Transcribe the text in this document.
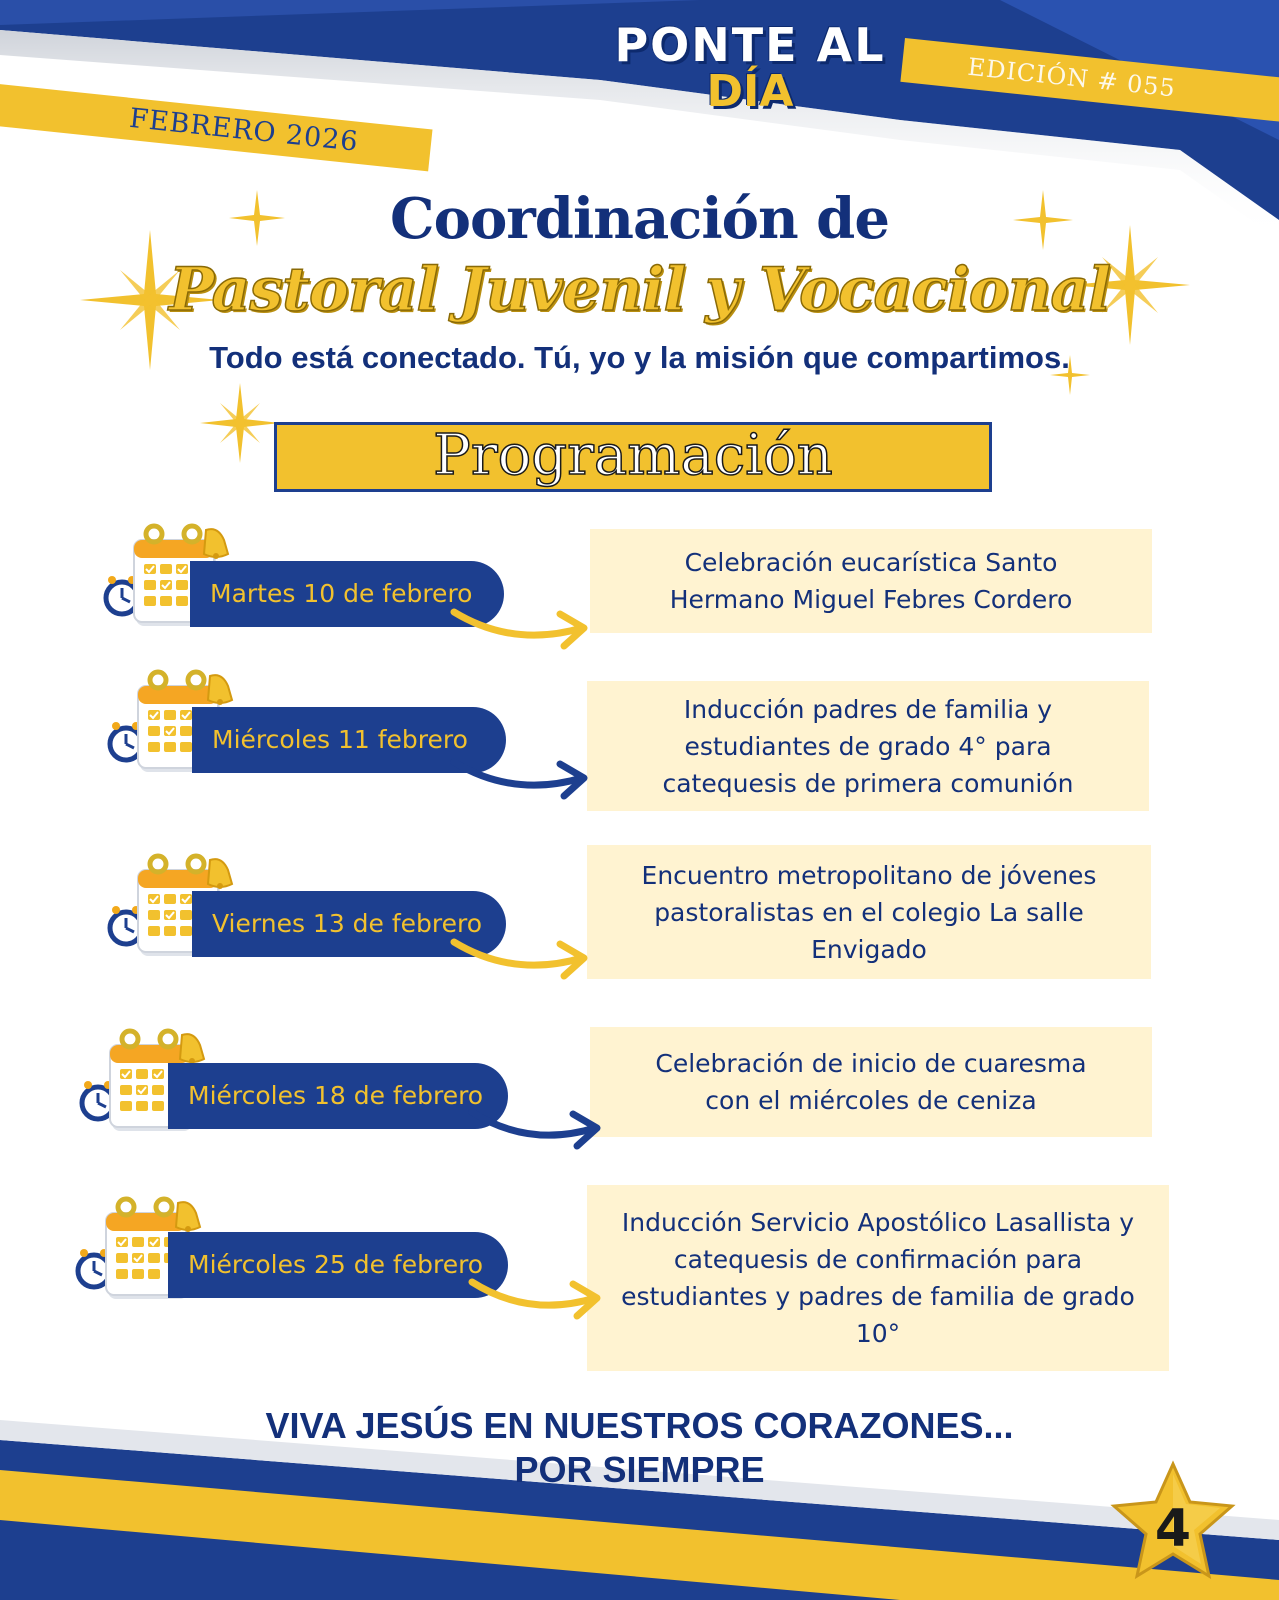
FEBRERO 2026
EDICIÓN # 055
PONTE AL
DÍA
Coordinación de
Pastoral Juvenil y Vocacional
Todo está conectado. Tú, yo y la misión que compartimos.
Programación
Martes 10 de febrero
Celebración eucarística Santo
Hermano Miguel Febres Cordero
Miércoles 11 febrero
Inducción padres de familia y
estudiantes de grado 4° para
catequesis de primera comunión
Viernes 13 de febrero
Encuentro metropolitano de jóvenes
pastoralistas en el colegio La salle
Envigado
Miércoles 18 de febrero
Celebración de inicio de cuaresma
con el miércoles de ceniza
Miércoles 25 de febrero
Inducción Servicio Apostólico Lasallista y
catequesis de confirmación para
estudiantes y padres de familia de grado
10°
VIVA JESÚS EN NUESTROS CORAZONES...
POR SIEMPRE
4
